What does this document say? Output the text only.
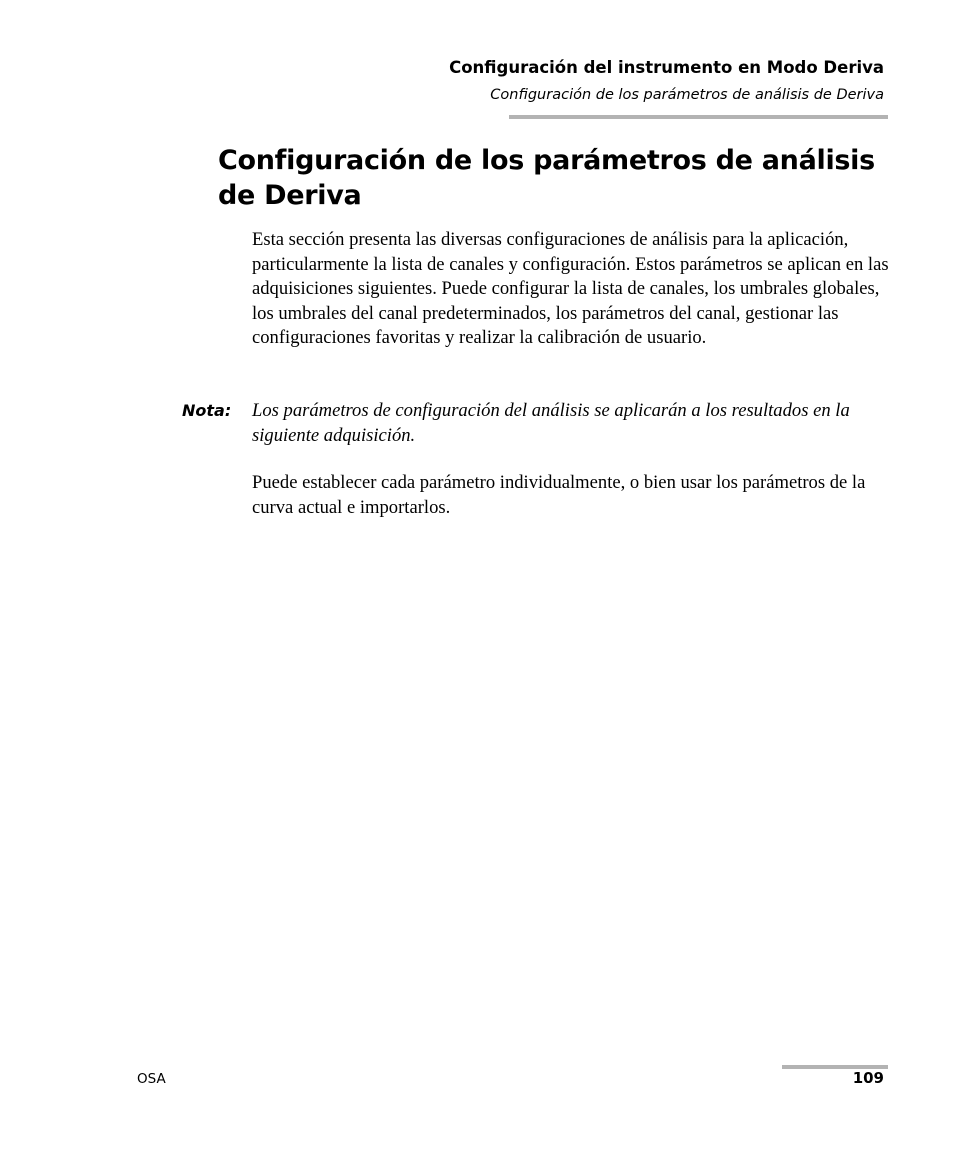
Configuración del instrumento en Modo Deriva
Configuración de los parámetros de análisis de Deriva
Configuración de los parámetros de análisis de Deriva

Esta sección presenta las diversas configuraciones de análisis para la aplicación, particularmente la lista de canales y configuración. Estos parámetros se aplican en las adquisiciones siguientes. Puede configurar la lista de canales, los umbrales globales, los umbrales del canal predeterminados, los parámetros del canal, gestionar las configuraciones favoritas y realizar la calibración de usuario.

Nota: Los parámetros de configuración del análisis se aplicarán a los resultados en la siguiente adquisición.

Puede establecer cada parámetro individualmente, o bien usar los parámetros de la curva actual e importarlos.

OSA	109
